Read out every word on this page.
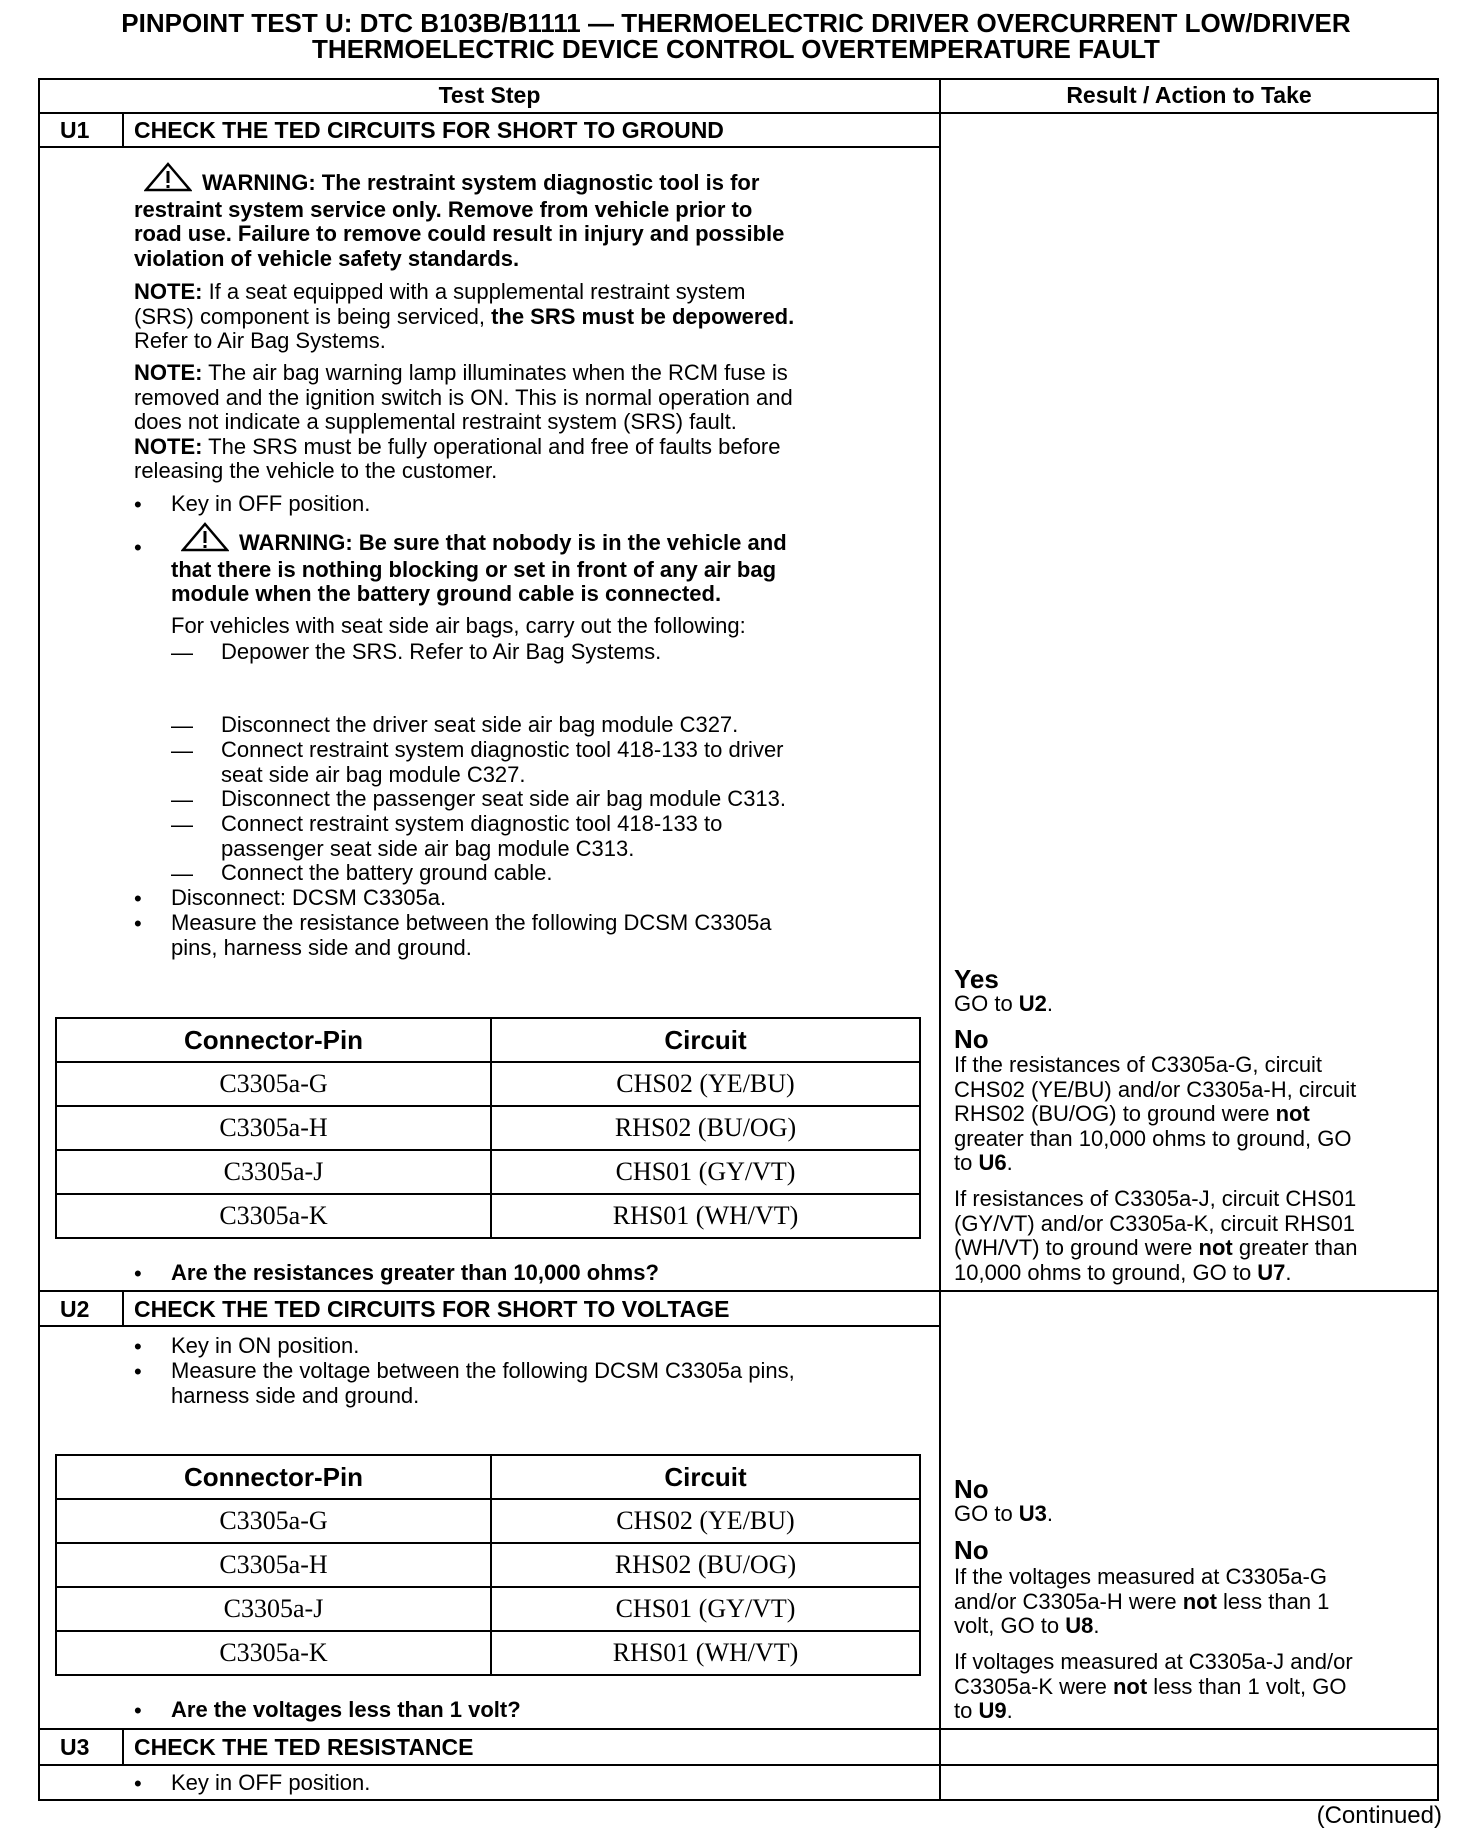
PINPOINT TEST U: DTC B103B/B1111 — THERMOELECTRIC DRIVER OVERCURRENT LOW/DRIVER
THERMOELECTRIC DEVICE CONTROL OVERTEMPERATURE FAULT
Test Step	Result / Action to Take
U1 CHECK THE TED CIRCUITS FOR SHORT TO GROUND
WARNING: The restraint system diagnostic tool is for
restraint system service only. Remove from vehicle prior to
road use. Failure to remove could result in injury and possible
violation of vehicle safety standards.
NOTE: If a seat equipped with a supplemental restraint system
(SRS) component is being serviced, the SRS must be depowered.
Refer to Air Bag Systems.
NOTE: The air bag warning lamp illuminates when the RCM fuse is
removed and the ignition switch is ON. This is normal operation and
does not indicate a supplemental restraint system (SRS) fault.
NOTE: The SRS must be fully operational and free of faults before
releasing the vehicle to the customer.
• Key in OFF position.
•	WARNING: Be sure that nobody is in the vehicle and
that there is nothing blocking or set in front of any air bag
module when the battery ground cable is connected.
For vehicles with seat side air bags, carry out the following:
— Depower the SRS. Refer to Air Bag Systems.
— Disconnect the driver seat side air bag module C327.
— Connect restraint system diagnostic tool 418-133 to driver
seat side air bag module C327.
— Disconnect the passenger seat side air bag module C313.
— Connect restraint system diagnostic tool 418-133 to
passenger seat side air bag module C313.
— Connect the battery ground cable.
• Disconnect: DCSM C3305a.
• Measure the resistance between the following DCSM C3305a
pins, harness side and ground.
Connector-Pin	Circuit
C3305a-G	CHS02 (YE/BU)
C3305a-H	RHS02 (BU/OG)
C3305a-J	CHS01 (GY/VT)
C3305a-K	RHS01 (WH/VT)
• Are the resistances greater than 10,000 ohms?
Yes
GO to U2.
No
If the resistances of C3305a-G, circuit
CHS02 (YE/BU) and/or C3305a-H, circuit
RHS02 (BU/OG) to ground were not
greater than 10,000 ohms to ground, GO
to U6.
If resistances of C3305a-J, circuit CHS01
(GY/VT) and/or C3305a-K, circuit RHS01
(WH/VT) to ground were not greater than
10,000 ohms to ground, GO to U7.
U2 CHECK THE TED CIRCUITS FOR SHORT TO VOLTAGE
• Key in ON position.
• Measure the voltage between the following DCSM C3305a pins,
harness side and ground.
Connector-Pin	Circuit
C3305a-G	CHS02 (YE/BU)
C3305a-H	RHS02 (BU/OG)
C3305a-J	CHS01 (GY/VT)
C3305a-K	RHS01 (WH/VT)
• Are the voltages less than 1 volt?
No
GO to U3.
No
If the voltages measured at C3305a-G
and/or C3305a-H were not less than 1
volt, GO to U8.
If voltages measured at C3305a-J and/or
C3305a-K were not less than 1 volt, GO
to U9.
U3 CHECK THE TED RESISTANCE
• Key in OFF position.
(Continued)
